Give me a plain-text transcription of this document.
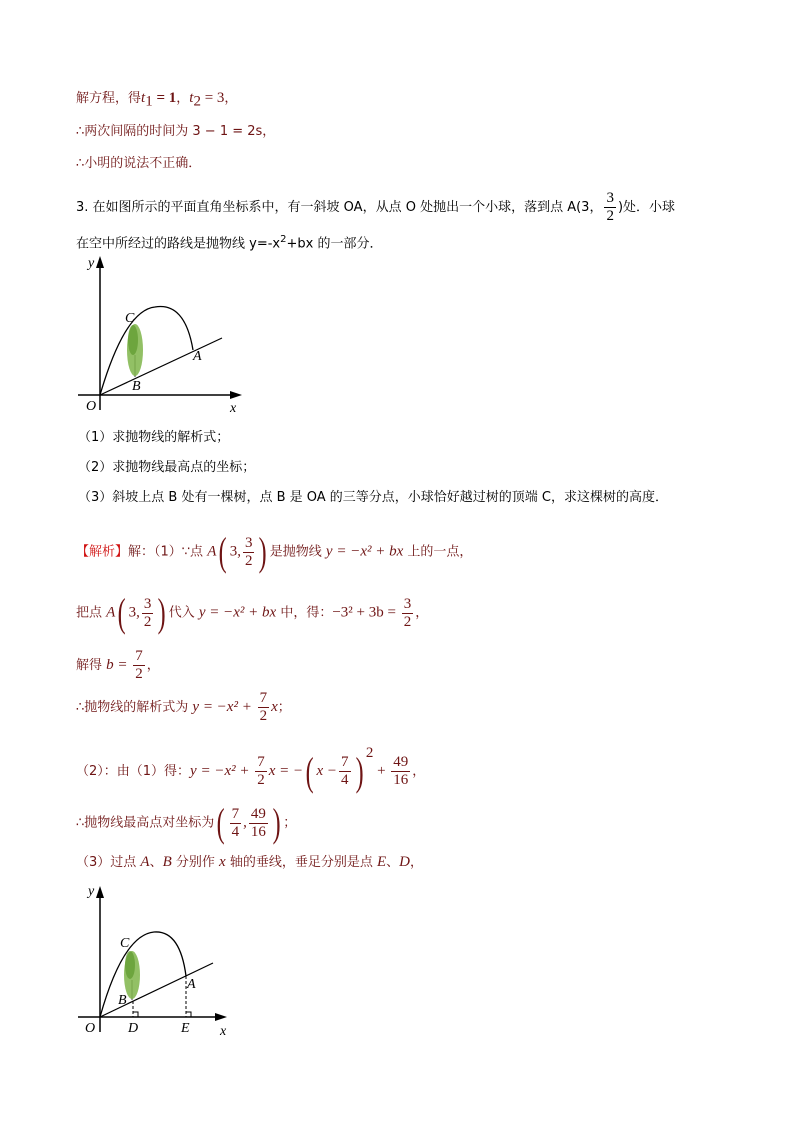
解方程，得$t_1 = 1$，$t_2 = 3$，
∴两次间隔的时间为 3 − 1 = 2s，
∴小明的说法不正确．
3. 在如图所示的平面直角坐标系中，有一斜坡 OA，从点 O 处抛出一个小球，落到点 A(3， $\frac{3}{2}$ )处．小球
在空中所经过的路线是抛物线 $y=-x^2+bx$ 的一部分．
C
A
B
O	x
y
（1）求抛物线的解析式；
（2）求抛物线最高点的坐标；
（3）斜坡上点 B 处有一棵树，点 B 是 OA 的三等分点，小球恰好越过树的顶端 C，求这棵树的高度．
【解析】解：（1）∵点 A( 3, $\frac{3}{2}$ ) 是抛物线 y = −x² + bx 上的一点，
把点 A( 3, $\frac{3}{2}$ ) 代入 y = −x² + bx 中，得：$-3^2 + 3b = \frac{3}{2}$ ，
解得 $b = \frac{7}{2}$ ，
∴抛物线的解析式为 $y = -x^2 + \frac{7}{2}$ x；
（2）：由（1）得：$y = -x^2 + \frac{7}{2}$ x = −( $x - \frac{7}{4}$ ) $^2 + \frac{49}{16}$ ，
∴抛物线最高点对坐标为( $\frac{7}{4}$ , $\frac{49}{16}$ ) ；
（3）过点 A、B 分别作 x 轴的垂线，垂足分别是点 E、D，
C
A
B
O D	E x
y
